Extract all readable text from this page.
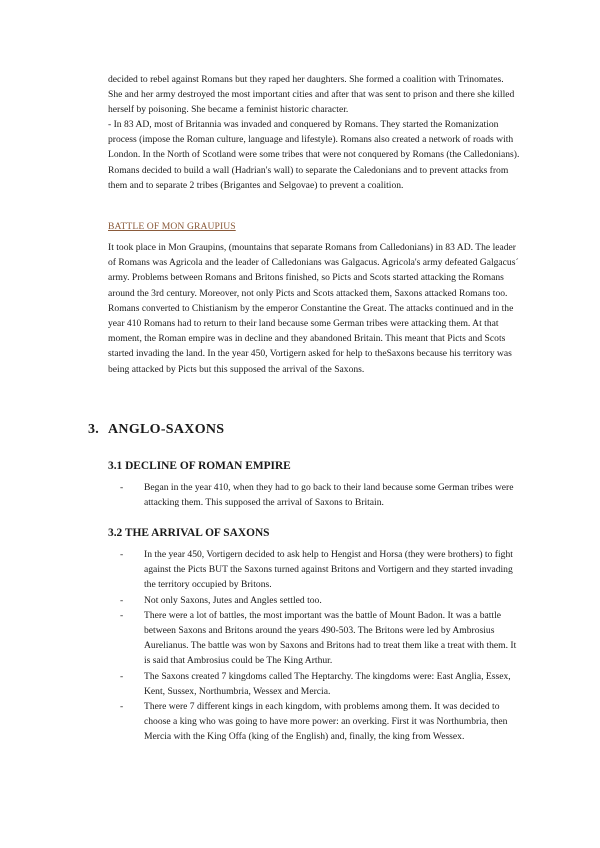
decided to rebel against Romans but they raped her daughters. She formed a coalition with Trinomates. She and her army destroyed the most important cities and after that was sent to prison and there she killed herself by poisoning. She became a feminist historic character.

- In 83 AD, most of Britannia was invaded and conquered by Romans. They started the Romanization process (impose the Roman culture, language and lifestyle). Romans also created a network of roads with London. In the North of Scotland were some tribes that were not conquered by Romans (the Calledonians). Romans decided to build a wall (Hadrian's wall) to separate the Caledonians and to prevent attacks from them and to separate 2 tribes (Brigantes and Selgovae) to prevent a coalition.

BATTLE OF MON GRAUPIUS

It took place in Mon Graupins, (mountains that separate Romans from Calledonians) in 83 AD. The leader of Romans was Agricola and the leader of Calledonians was Galgacus. Agricola's army defeated Galgacus´ army. Problems between Romans and Britons finished, so Picts and Scots started attacking the Romans around the 3rd century. Moreover, not only Picts and Scots attacked them, Saxons attacked Romans too. Romans converted to Chistianism by the emperor Constantine the Great. The attacks continued and in the year 410 Romans had to return to their land because some German tribes were attacking them. At that moment, the Roman empire was in decline and they abandoned Britain. This meant that Picts and Scots started invading the land. In the year 450, Vortigern asked for help to theSaxons because his territory was being attacked by Picts but this supposed the arrival of the Saxons.

3. ANGLO-SAXONS
3.1 DECLINE OF ROMAN EMPIRE
- Began in the year 410, when they had to go back to their land because some German tribes were attacking them. This supposed the arrival of Saxons to Britain.
3.2 THE ARRIVAL OF SAXONS
- In the year 450, Vortigern decided to ask help to Hengist and Horsa (they were brothers) to fight against the Picts BUT the Saxons turned against Britons and Vortigern and they started invading the territory occupied by Britons.
- Not only Saxons, Jutes and Angles settled too.
- There were a lot of battles, the most important was the battle of Mount Badon. It was a battle between Saxons and Britons around the years 490-503. The Britons were led by Ambrosius Aurelianus. The battle was won by Saxons and Britons had to treat them like a treat with them. It is said that Ambrosius could be The King Arthur.
- The Saxons created 7 kingdoms called The Heptarchy. The kingdoms were: East Anglia, Essex, Kent, Sussex, Northumbria, Wessex and Mercia.
- There were 7 different kings in each kingdom, with problems among them. It was decided to choose a king who was going to have more power: an overking. First it was Northumbria, then Mercia with the King Offa (king of the English) and, finally, the king from Wessex.
